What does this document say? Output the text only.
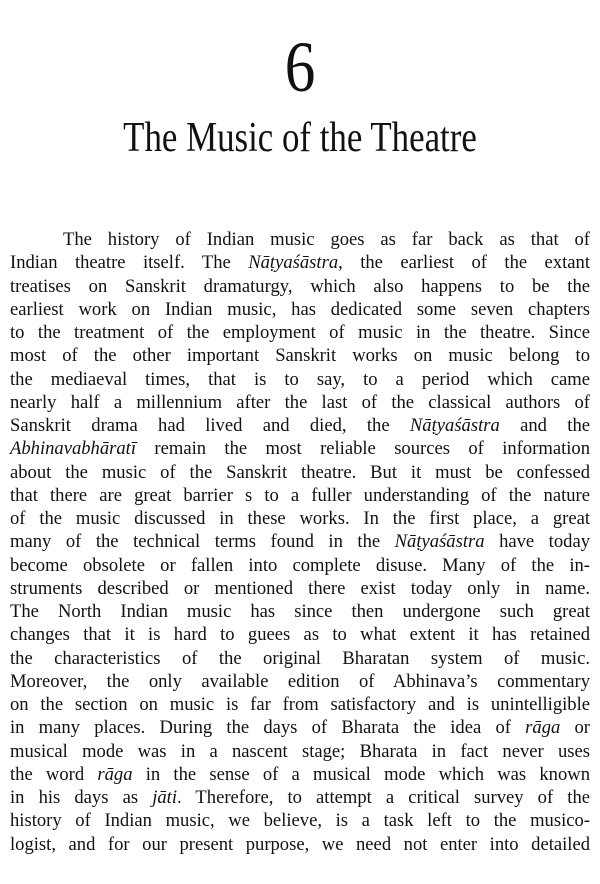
6
The Music of the Theatre
The history of Indian music goes as far back as that of
Indian theatre itself. The Nāṭyaśāstra, the earliest of the extant
treatises on Sanskrit dramaturgy, which also happens to be the
earliest work on Indian music, has dedicated some seven chapters
to the treatment of the employment of music in the theatre. Since
most of the other important Sanskrit works on music belong to
the mediaeval times, that is to say, to a period which came
nearly half a millennium after the last of the classical authors of
Sanskrit drama had lived and died, the Nāṭyaśāstra and the
Abhinavabhāratī remain the most reliable sources of information
about the music of the Sanskrit theatre. But it must be confessed
that there are great barrier s to a fuller understanding of the nature
of the music discussed in these works. In the first place, a great
many of the technical terms found in the Nāṭyaśāstra have today
become obsolete or fallen into complete disuse. Many of the in-
struments described or mentioned there exist today only in name.
The North Indian music has since then undergone such great
changes that it is hard to guees as to what extent it has retained
the characteristics of the original Bharatan system of music.
Moreover, the only available edition of Abhinava’s commentary
on the section on music is far from satisfactory and is unintelligible
in many places. During the days of Bharata the idea of rāga or
musical mode was in a nascent stage; Bharata in fact never uses
the word rāga in the sense of a musical mode which was known
in his days as jāti. Therefore, to attempt a critical survey of the
history of Indian music, we believe, is a task left to the musico-
logist, and for our present purpose, we need not enter into detailed
